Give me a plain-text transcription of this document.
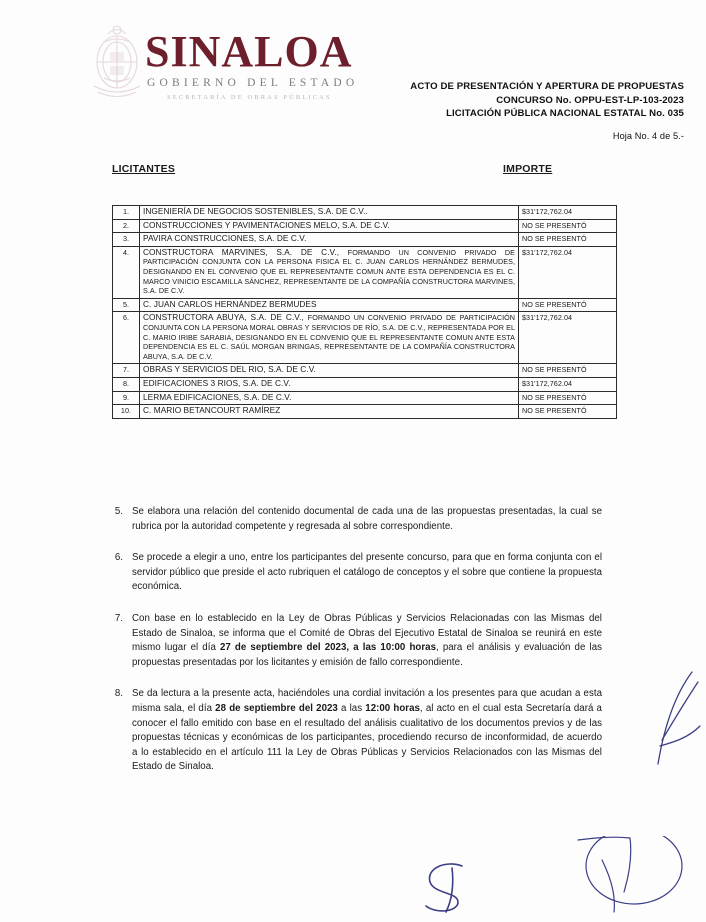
SINALOA
GOBIERNO DEL ESTADO
SECRETARÍA DE OBRAS PÚBLICAS
ACTO DE PRESENTACIÓN Y APERTURA DE PROPUESTAS
CONCURSO No. OPPU-EST-LP-103-2023
LICITACIÓN PÚBLICA NACIONAL ESTATAL No. 035
Hoja No. 4 de 5.-
LICITANTES	IMPORTE
1.	INGENIERÍA DE NEGOCIOS SOSTENIBLES, S.A. DE C.V..	$31'172,762.04
2.	CONSTRUCCIONES Y PAVIMENTACIONES MELO, S.A. DE C.V.	NO SE PRESENTÓ
3.	PAVIRA CONSTRUCCIONES, S.A. DE C.V.	NO SE PRESENTÓ
4.	CONSTRUCTORA MARVINES, S.A. DE C.V., FORMANDO UN CONVENIO PRIVADO DE PARTICIPACIÓN CONJUNTA CON LA PERSONA FISICA EL C. JUAN CARLOS HERNÁNDEZ BERMUDES, DESIGNANDO EN EL CONVENIO QUE EL REPRESENTANTE COMUN ANTE ESTA DEPENDENCIA ES EL C. MARCO VINICIO ESCAMILLA SÁNCHEZ, REPRESENTANTE DE LA COMPAÑÍA CONSTRUCTORA MARVINES, S.A. DE C.V.	$31'172,762.04
5.	C. JUAN CARLOS HERNÁNDEZ BERMUDES	NO SE PRESENTÓ
6.	CONSTRUCTORA ABUYA, S.A. DE C.V., FORMANDO UN CONVENIO PRIVADO DE PARTICIPACIÓN CONJUNTA CON LA PERSONA MORAL OBRAS Y SERVICIOS DE RÍO, S.A. DE C.V., REPRESENTADA POR EL C. MARIO IRIBE SARABIA, DESIGNANDO EN EL CONVENIO QUE EL REPRESENTANTE COMUN ANTE ESTA DEPENDENCIA ES EL C. SAÚL MORGAN BRINGAS, REPRESENTANTE DE LA COMPAÑÍA CONSTRUCTORA ABUYA, S.A. DE C.V.	$31'172,762.04
7.	OBRAS Y SERVICIOS DEL RIO, S.A. DE C.V.	NO SE PRESENTÓ
8.	EDIFICACIONES 3 RIOS, S.A. DE C.V.	$31'172,762.04
9.	LERMA EDIFICACIONES, S.A. DE C.V.	NO SE PRESENTÓ
10.	C. MARIO BETANCOURT RAMÍREZ	NO SE PRESENTÓ
5. Se elabora una relación del contenido documental de cada una de las propuestas presentadas, la cual se rubrica por la autoridad competente y regresada al sobre correspondiente.
6. Se procede a elegir a uno, entre los participantes del presente concurso, para que en forma conjunta con el servidor público que preside el acto rubriquen el catálogo de conceptos y el sobre que contiene la propuesta económica.
7. Con base en lo establecido en la Ley de Obras Públicas y Servicios Relacionadas con las Mismas del Estado de Sinaloa, se informa que el Comité de Obras del Ejecutivo Estatal de Sinaloa se reunirá en este mismo lugar el día 27 de septiembre del 2023, a las 10:00 horas, para el análisis y evaluación de las propuestas presentadas por los licitantes y emisión de fallo correspondiente.
8. Se da lectura a la presente acta, haciéndoles una cordial invitación a los presentes para que acudan a esta misma sala, el día 28 de septiembre del 2023 a las 12:00 horas, al acto en el cual esta Secretaría dará a conocer el fallo emitido con base en el resultado del análisis cualitativo de los documentos previos y de las propuestas técnicas y económicas de los participantes, procediendo recurso de inconformidad, de acuerdo a lo establecido en el artículo 111 la Ley de Obras Públicas y Servicios Relacionados con las Mismas del Estado de Sinaloa.
